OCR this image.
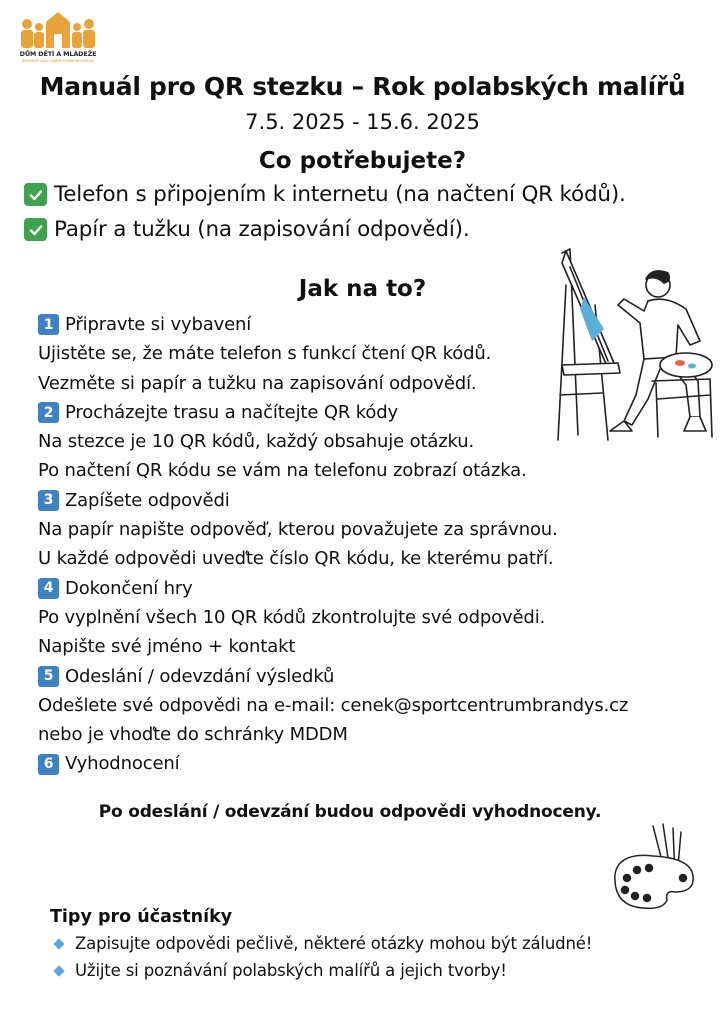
DŮM DĚTÍ A MLÁDEŽE
BRANDÝS NAD LABEM-STARÁ BOLESLAV
Manuál pro QR stezku – Rok polabských malířů
7.5. 2025 - 15.6. 2025
Co potřebujete?
Telefon s připojením k internetu (na načtení QR kódů).
Papír a tužku (na zapisování odpovědí).
Jak na to?
1 Připravte si vybavení
Ujistěte se, že máte telefon s funkcí čtení QR kódů.
Vezměte si papír a tužku na zapisování odpovědí.
2 Procházejte trasu a načítejte QR kódy
Na stezce je 10 QR kódů, každý obsahuje otázku.
Po načtení QR kódu se vám na telefonu zobrazí otázka.
3 Zapíšete odpovědi
Na papír napište odpověď, kterou považujete za správnou.
U každé odpovědi uveďte číslo QR kódu, ke kterému patří.
4 Dokončení hry
Po vyplnění všech 10 QR kódů zkontrolujte své odpovědi.
Napište své jméno + kontakt
5 Odeslání / odevzdání výsledků
Odešlete své odpovědi na e-mail: cenek@sportcentrumbrandys.cz
nebo je vhoďte do schránky MDDM
6 Vyhodnocení
Po odeslání / odevzání budou odpovědi vyhodnoceny.
Tipy pro účastníky
Zapisujte odpovědi pečlivě, některé otázky mohou být záludné!
Užijte si poznávání polabských malířů a jejich tvorby!
